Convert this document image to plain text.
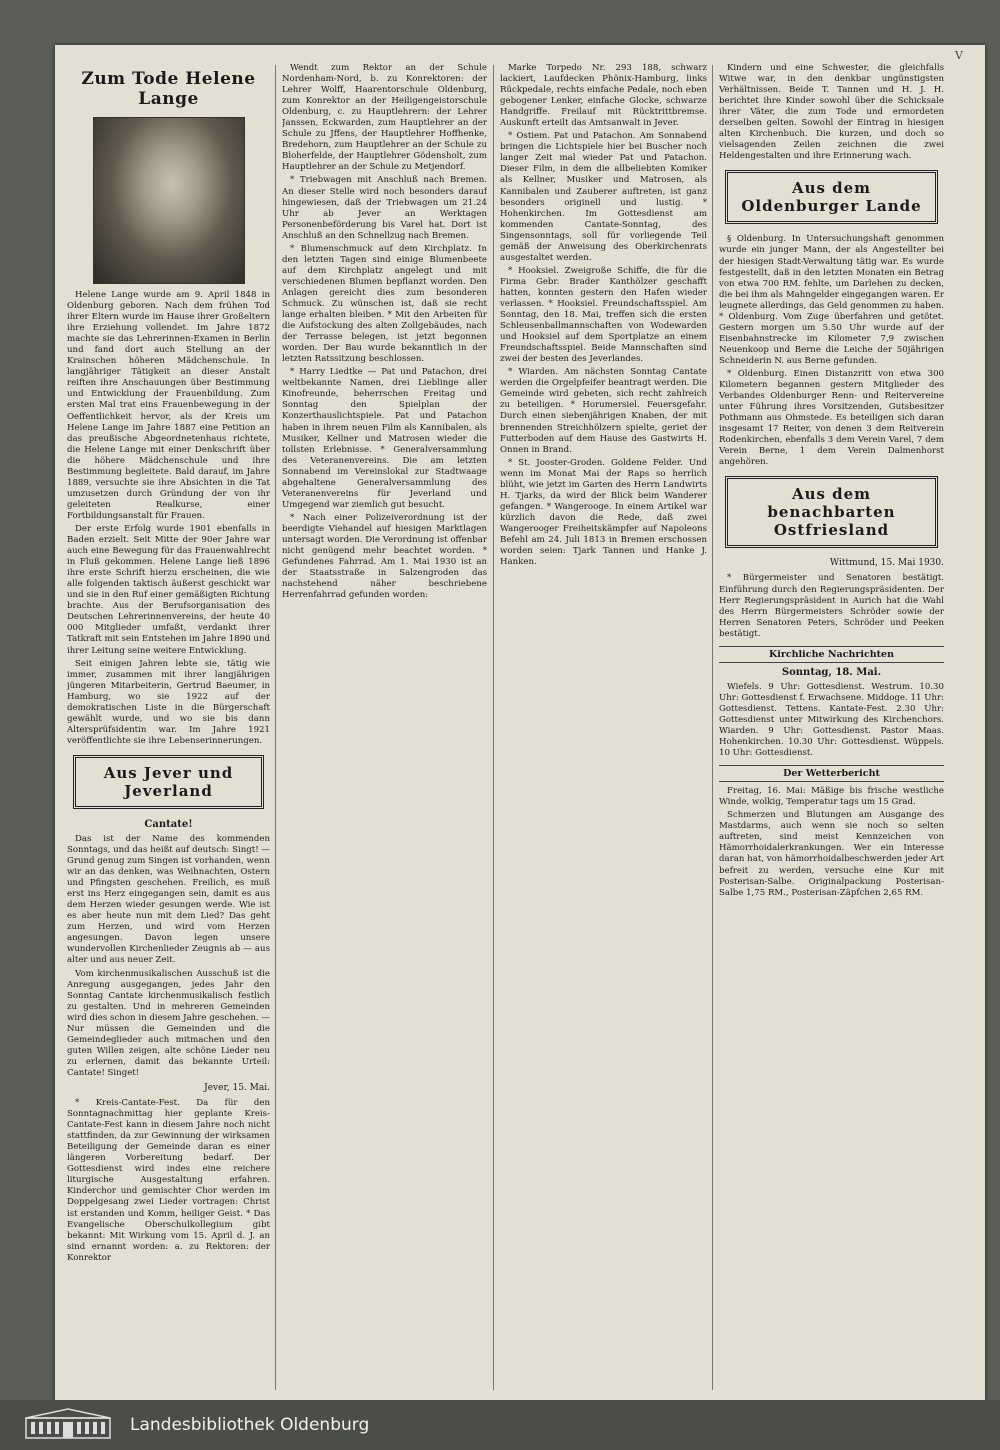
V
Zum Tode Helene Lange

Helene Lange wurde am 9. April 1848 in Oldenburg geboren. Nach dem frühen Tod ihrer Eltern wurde im Hause ihrer Großeltern ihre Erziehung vollendet. Im Jahre 1872 machte sie das Lehrerinnen-Examen in Berlin und fand dort auch Stellung an der Krainschen höheren Mädchenschule. In langjähriger Tätigkeit an dieser Anstalt reiften ihre Anschauungen über Bestimmung und Entwicklung der Frauenbildung. Zum ersten Mal trat eins Frauenbewegung in der Oeffentlichkeit hervor, als der Kreis um Helene Lange im Jahre 1887 eine Petition an das preußische Abgeordnetenhaus richtete, die Helene Lange mit einer Denkschrift über die höhere Mädchenschule und ihre Bestimmung begleitete. Bald darauf, im Jahre 1889, versuchte sie ihre Absichten in die Tat umzusetzen durch Gründung der von ihr geleiteten Realkurse, einer Fortbildungsanstalt für Frauen.

Der erste Erfolg wurde 1901 ebenfalls in Baden erzielt. Seit Mitte der 90er Jahre war auch eine Bewegung für das Frauenwahlrecht in Fluß gekommen. Helene Lange ließ 1896 ihre erste Schrift hierzu erscheinen, die wie alle folgenden taktisch äußerst geschickt war und sie in den Ruf einer gemäßigten Richtung brachte. Aus der Berufsorganisation des Deutschen Lehrerinnenvereins, der heute 40 000 Mitglieder umfaßt, verdankt ihrer Tatkraft mit sein Entstehen im Jahre 1890 und ihrer Leitung seine weitere Entwicklung.

Seit einigen Jahren lebte sie, tätig wie immer, zusammen mit ihrer langjährigen jüngeren Mitarbeiterin, Gertrud Baeumer, in Hamburg, wo sie 1922 auf der demokratischen Liste in die Bürgerschaft gewählt wurde, und wo sie bis dann Altersprüfsidentin war. Im Jahre 1921 veröffentlichte sie ihre Lebenserinnerungen.

Aus Jever und Jeverland
Cantate!

Das ist der Name des kommenden Sonntags, und das heißt auf deutsch: Singt! — Grund genug zum Singen ist vorhanden, wenn wir an das denken, was Weihnachten, Ostern und Pfingsten geschehen. Freilich, es muß erst ins Herz eingegangen sein, damit es aus dem Herzen wieder gesungen werde. Wie ist es aber heute nun mit dem Lied? Das geht zum Herzen, und wird vom Herzen angesungen. Davon legen unsere wundervollen Kirchenlieder Zeugnis ab — aus alter und aus neuer Zeit.

Vom kirchenmusikalischen Ausschuß ist die Anregung ausgegangen, jedes Jahr den Sonntag Cantate kirchenmusikalisch festlich zu gestalten. Und in mehreren Gemeinden wird dies schon in diesem Jahre geschehen. — Nur müssen die Gemeinden und die Gemeindeglieder auch mitmachen und den guten Willen zeigen, alte schöne Lieder neu zu erlernen, damit das bekannte Urteil: Cantate! Singet!

Jever, 15. Mai.

* Kreis-Cantate-Fest. Da für den Sonntagnachmittag hier geplante Kreis-Cantate-Fest kann in diesem Jahre noch nicht stattfinden, da zur Gewinnung der wirksamen Beteiligung der Gemeinde daran es einer längeren Vorbereitung bedarf. Der Gottesdienst wird indes eine reichere liturgische Ausgestaltung erfahren. Kinderchor und gemischter Chor werden im Doppelgesang zwei Lieder vortragen: Christ ist erstanden und Komm, heiliger Geist. * Das Evangelische Oberschulkollegium gibt bekannt: Mit Wirkung vom 15. April d. J. an sind ernannt worden: a. zu Rektoren: der Konrektor

Wendt zum Rektor an der Schule Nordenham-Nord, b. zu Konrektoren: der Lehrer Wolff, Haarentorschule Oldenburg, zum Konrektor an der Heiligengeistorschule Oldenburg, c. zu Hauptlehrern: der Lehrer Janssen, Eckwarden, zum Hauptlehrer an der Schule zu Jffens, der Hauptlehrer Hoffhenke, Bredehorn, zum Hauptlehrer an der Schule zu Bloherfelde, der Hauptlehrer Gödensholt, zum Hauptlehrer an der Schule zu Metjendorf.

* Triebwagen mit Anschluß nach Bremen. An dieser Stelle wird noch besonders darauf hingewiesen, daß der Triebwagen um 21.24 Uhr ab Jever an Werktagen Personenbeförderung bis Varel hat. Dort ist Anschluß an den Schnellzug nach Bremen.

* Blumenschmuck auf dem Kirchplatz. In den letzten Tagen sind einige Blumenbeete auf dem Kirchplatz angelegt und mit verschiedenen Blumen bepflanzt worden. Den Anlagen gereicht dies zum besonderen Schmuck. Zu wünschen ist, daß sie recht lange erhalten bleiben. * Mit den Arbeiten für die Aufstockung des alten Zollgebäudes, nach der Terrasse belegen, ist jetzt begonnen worden. Der Bau wurde bekanntlich in der letzten Ratssitzung beschlossen.

* Harry Liedtke — Pat und Patachon, drei weltbekannte Namen, drei Lieblinge aller Kinofreunde, beherrschen Freitag und Sonntag den Spielplan der Konzerthauslichtspiele. Pat und Patachon haben in ihrem neuen Film als Kannibalen, als Musiker, Kellner und Matrosen wieder die tollsten Erlebnisse. * Generalversammlung des Veteranenvereins. Die am letzten Sonnabend im Vereinslokal zur Stadtwaage abgehaltene Generalversammlung des Veteranenvereins für Jeverland und Umgegend war ziemlich gut besucht.

* Nach einer Polizeiverordnung ist der beerdigte Viehandel auf hiesigen Marktlagen untersagt worden. Die Verordnung ist offenbar nicht genügend mehr beachtet worden. * Gefundenes Fahrrad. Am 1. Mai 1930 ist an der Staatsstraße in Salzengroden das nachstehend näher beschriebene Herrenfahrrad gefunden worden:

Marke Torpedo Nr. 293 188, schwarz lackiert, Laufdecken Phönix-Hamburg, links Rückpedale, rechts einfache Pedale, noch eben gebogener Lenker, einfache Glocke, schwarze Handgriffe. Freilauf mit Rücktrittbremse. Auskunft erteilt das Amtsanwalt in Jever.

* Ostiem. Pat und Patachon. Am Sonnabend bringen die Lichtspiele hier bei Buscher noch langer Zeit mal wieder Pat und Patachon. Dieser Film, in dem die allbeliebten Komiker als Kellner, Musiker und Matrosen, als Kannibalen und Zauberer auftreten, ist ganz besonders originell und lustig. * Hohenkirchen. Im Gottesdienst am kommenden Cantate-Sonntag, des Singensonntags, soll für vorliegende Teil gemäß der Anweisung des Oberkirchenrats ausgestaltet werden.

* Hooksiel. Zweigroße Schiffe, die für die Firma Gebr. Brader Kanthölzer geschafft hatten, konnten gestern den Hafen wieder verlassen. * Hooksiel. Freundschaftsspiel. Am Sonntag, den 18. Mai, treffen sich die ersten Schleusenballmannschaften von Wodewarden und Hooksiel auf dem Sportplatze an einem Freundschaftsspiel. Beide Mannschaften sind zwei der besten des Jeverlandes.

* Wiarden. Am nächsten Sonntag Cantate werden die Orgelpfeifer beantragt werden. Die Gemeinde wird gebeten, sich recht zahlreich zu beteiligen. * Horumersiel. Feuersgefahr. Durch einen siebenjährigen Knaben, der mit brennenden Streichhölzern spielte, geriet der Futterboden auf dem Hause des Gastwirts H. Onnen in Brand.

* St. Jooster-Groden. Goldene Felder. Und wenn im Monat Mai der Raps so herrlich blüht, wie jetzt im Garten des Herrn Landwirts H. Tjarks, da wird der Blick beim Wanderer gefangen. * Wangerooge. In einem Artikel war kürzlich davon die Rede, daß zwei Wangerooger Freiheitskämpfer auf Napoleons Befehl am 24. Juli 1813 in Bremen erschossen worden seien: Tjark Tannen und Hanke J. Hanken.

Kindern und eine Schwester, die gleichfalls Witwe war, in den denkbar ungünstigsten Verhältnissen. Beide T. Tannen und H. J. H. berichtet ihre Kinder sowohl über die Schicksale ihrer Väter, die zum Tode und ermordeten derselben gelten. Sowohl der Eintrag in hiesigen alten Kirchenbuch. Die kurzen, und doch so vielsagenden Zeilen zeichnen die zwei Heldengestalten und ihre Erinnerung wach.

Aus dem Oldenburger Lande

§ Oldenburg. In Untersuchungshaft genommen wurde ein junger Mann, der als Angestellter bei der hiesigen Stadt-Verwaltung tätig war. Es wurde festgestellt, daß in den letzten Monaten ein Betrag von etwa 700 RM. fehlte, um Darlehen zu decken, die bei ihm als Mahngelder eingegangen waren. Er leugnete allerdings, das Geld genommen zu haben. * Oldenburg. Vom Zuge überfahren und getötet. Gestern morgen um 5.50 Uhr wurde auf der Eisenbahnstrecke im Kilometer 7,9 zwischen Neuenkoop und Berne die Leiche der 50jährigen Schneiderin N. aus Berne gefunden.

* Oldenburg. Einen Distanzritt von etwa 300 Kilometern begannen gestern Mitglieder des Verbandes Oldenburger Renn- und Reitervereine unter Führung ihres Vorsitzenden, Gutsbesitzer Pothmann aus Ohmstede. Es beteiligen sich daran insgesamt 17 Reiter, von denen 3 dem Reitverein Rodenkirchen, ebenfalls 3 dem Verein Varel, 7 dem Verein Berne, 1 dem Verein Dalmenhorst angehören.

Aus dem benachbarten Ostfriesland
Wittmund, 15. Mai 1930.

* Bürgermeister und Senatoren bestätigt. Einführung durch den Regierungspräsidenten. Der Herr Regierungspräsident in Aurich hat die Wahl des Herrn Bürgermeisters Schröder sowie der Herren Senatoren Peters, Schröder und Peeken bestätigt.

Kirchliche Nachrichten
Sonntag, 18. Mai.

Wiefels. 9 Uhr: Gottesdienst. Westrum. 10.30 Uhr: Gottesdienst f. Erwachsene. Middoge. 11 Uhr: Gottesdienst. Tettens. Kantate-Fest. 2.30 Uhr: Gottesdienst unter Mitwirkung des Kirchenchors. Wiarden. 9 Uhr: Gottesdienst. Pastor Maas. Hohenkirchen. 10.30 Uhr: Gottesdienst. Wüppels. 10 Uhr: Gottesdienst.

Der Wetterbericht

Freitag, 16. Mai: Mäßige bis frische westliche Winde, wolkig, Temperatur tags um 15 Grad.

Schmerzen und Blutungen am Ausgange des Mastdarms, auch wenn sie noch so selten auftreten, sind meist Kennzeichen von Hämorrhoidalerkrankungen. Wer ein Interesse daran hat, von hämorrhoidalbeschwerden jeder Art befreit zu werden, versuche eine Kur mit Posterisan-Salbe. Originalpackung Posterisan-Salbe 1,75 RM., Posterisan-Zäpfchen 2,65 RM.

Landesbibliothek Oldenburg
